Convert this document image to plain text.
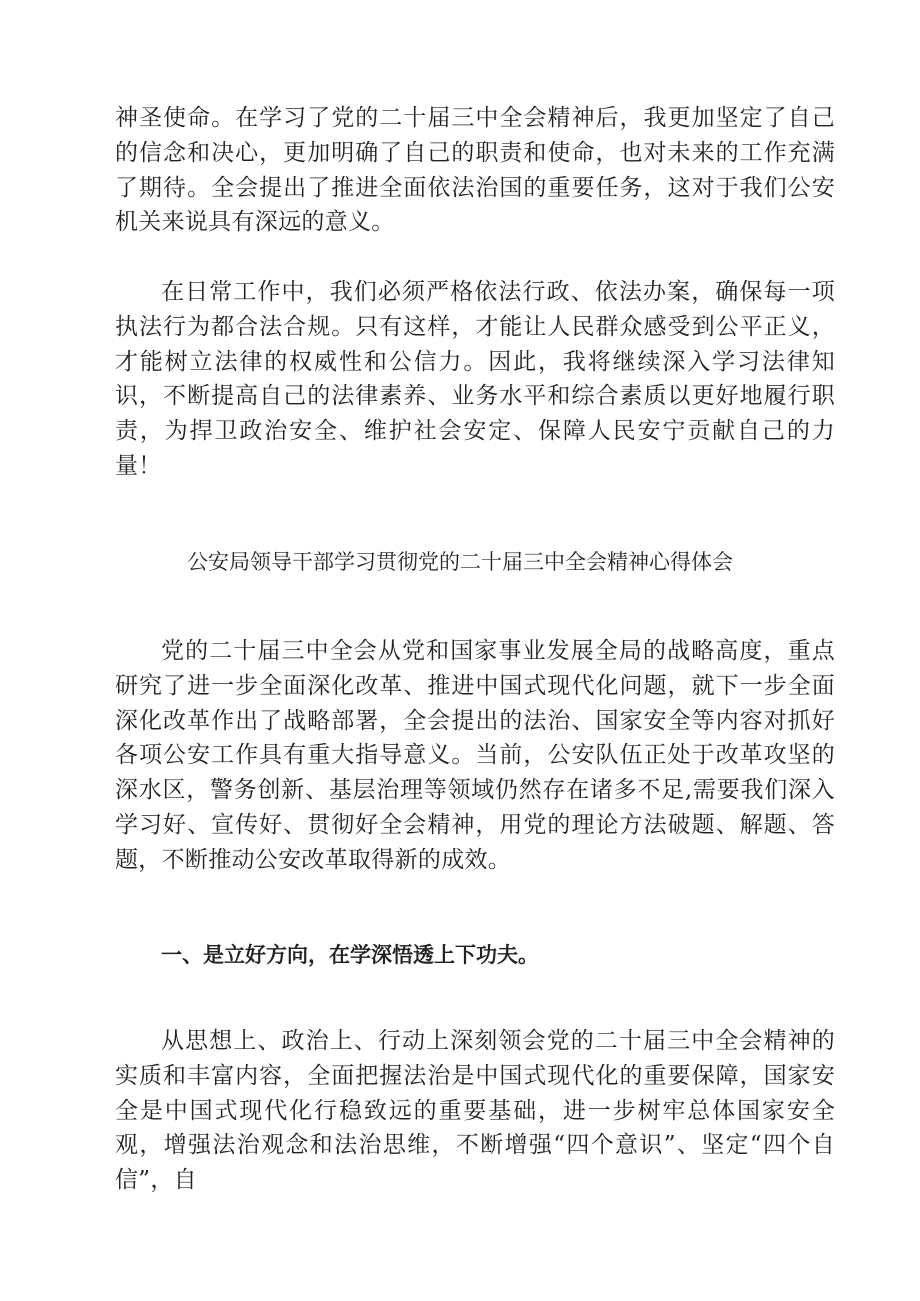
神圣使命。在学习了党的二十届三中全会精神后，我更加坚定了自己的信念和决心，更加明确了自己的职责和使命，也对未来的工作充满了期待。全会提出了推进全面依法治国的重要任务，这对于我们公安机关来说具有深远的意义。

在日常工作中，我们必须严格依法行政、依法办案，确保每一项执法行为都合法合规。只有这样，才能让人民群众感受到公平正义，才能树立法律的权威性和公信力。因此，我将继续深入学习法律知识，不断提高自己的法律素养、业务水平和综合素质以更好地履行职责，为捍卫政治安全、维护社会安定、保障人民安宁贡献自己的力量！

公安局领导干部学习贯彻党的二十届三中全会精神心得体会

党的二十届三中全会从党和国家事业发展全局的战略高度，重点研究了进一步全面深化改革、推进中国式现代化问题，就下一步全面深化改革作出了战略部署，全会提出的法治、国家安全等内容对抓好各项公安工作具有重大指导意义。当前，公安队伍正处于改革攻坚的深水区，警务创新、基层治理等领域仍然存在诸多不足,需要我们深入学习好、宣传好、贯彻好全会精神，用党的理论方法破题、解题、答题，不断推动公安改革取得新的成效。

一、是立好方向，在学深悟透上下功夫。

从思想上、政治上、行动上深刻领会党的二十届三中全会精神的实质和丰富内容，全面把握法治是中国式现代化的重要保障，国家安全是中国式现代化行稳致远的重要基础，进一步树牢总体国家安全观，增强法治观念和法治思维，不断增强“四个意识”、坚定“四个自信”，自
